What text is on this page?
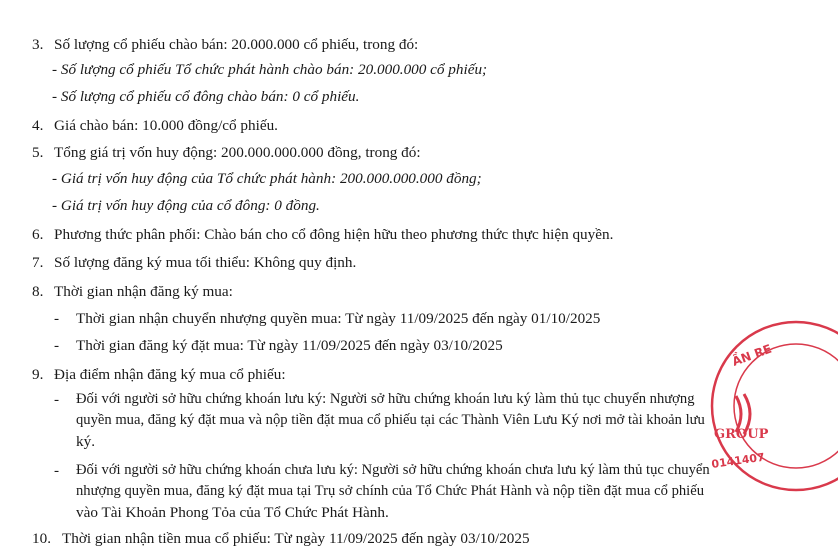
3. Số lượng cổ phiếu chào bán: 20.000.000 cổ phiếu, trong đó:
- Số lượng cổ phiếu Tổ chức phát hành chào bán: 20.000.000 cổ phiếu;
- Số lượng cổ phiếu cổ đông chào bán: 0 cổ phiếu.
4. Giá chào bán: 10.000 đồng/cổ phiếu.
5. Tổng giá trị vốn huy động: 200.000.000.000 đồng, trong đó:
- Giá trị vốn huy động của Tổ chức phát hành: 200.000.000.000 đồng;
- Giá trị vốn huy động của cổ đông: 0 đồng.
6. Phương thức phân phối: Chào bán cho cổ đông hiện hữu theo phương thức thực hiện quyền.
7. Số lượng đăng ký mua tối thiểu: Không quy định.
8. Thời gian nhận đăng ký mua:
- Thời gian nhận chuyển nhượng quyền mua: Từ ngày 11/09/2025 đến ngày 01/10/2025
- Thời gian đăng ký đặt mua: Từ ngày 11/09/2025 đến ngày 03/10/2025
9. Địa điểm nhận đăng ký mua cổ phiếu:
- Đối với người sở hữu chứng khoán lưu ký: Người sở hữu chứng khoán lưu ký làm thủ tục chuyển nhượng
quyền mua, đăng ký đặt mua và nộp tiền đặt mua cổ phiếu tại các Thành Viên Lưu Ký nơi mở tài khoản lưu
ký.
- Đối với người sở hữu chứng khoán chưa lưu ký: Người sở hữu chứng khoán chưa lưu ký làm thủ tục chuyển
nhượng quyền mua, đăng ký đặt mua tại Trụ sở chính của Tổ Chức Phát Hành và nộp tiền đặt mua cổ phiếu
vào Tài Khoản Phong Tỏa của Tổ Chức Phát Hành.
10. Thời gian nhận tiền mua cổ phiếu: Từ ngày 11/09/2025 đến ngày 03/10/2025
ẦN RE
GROUP
0141407
